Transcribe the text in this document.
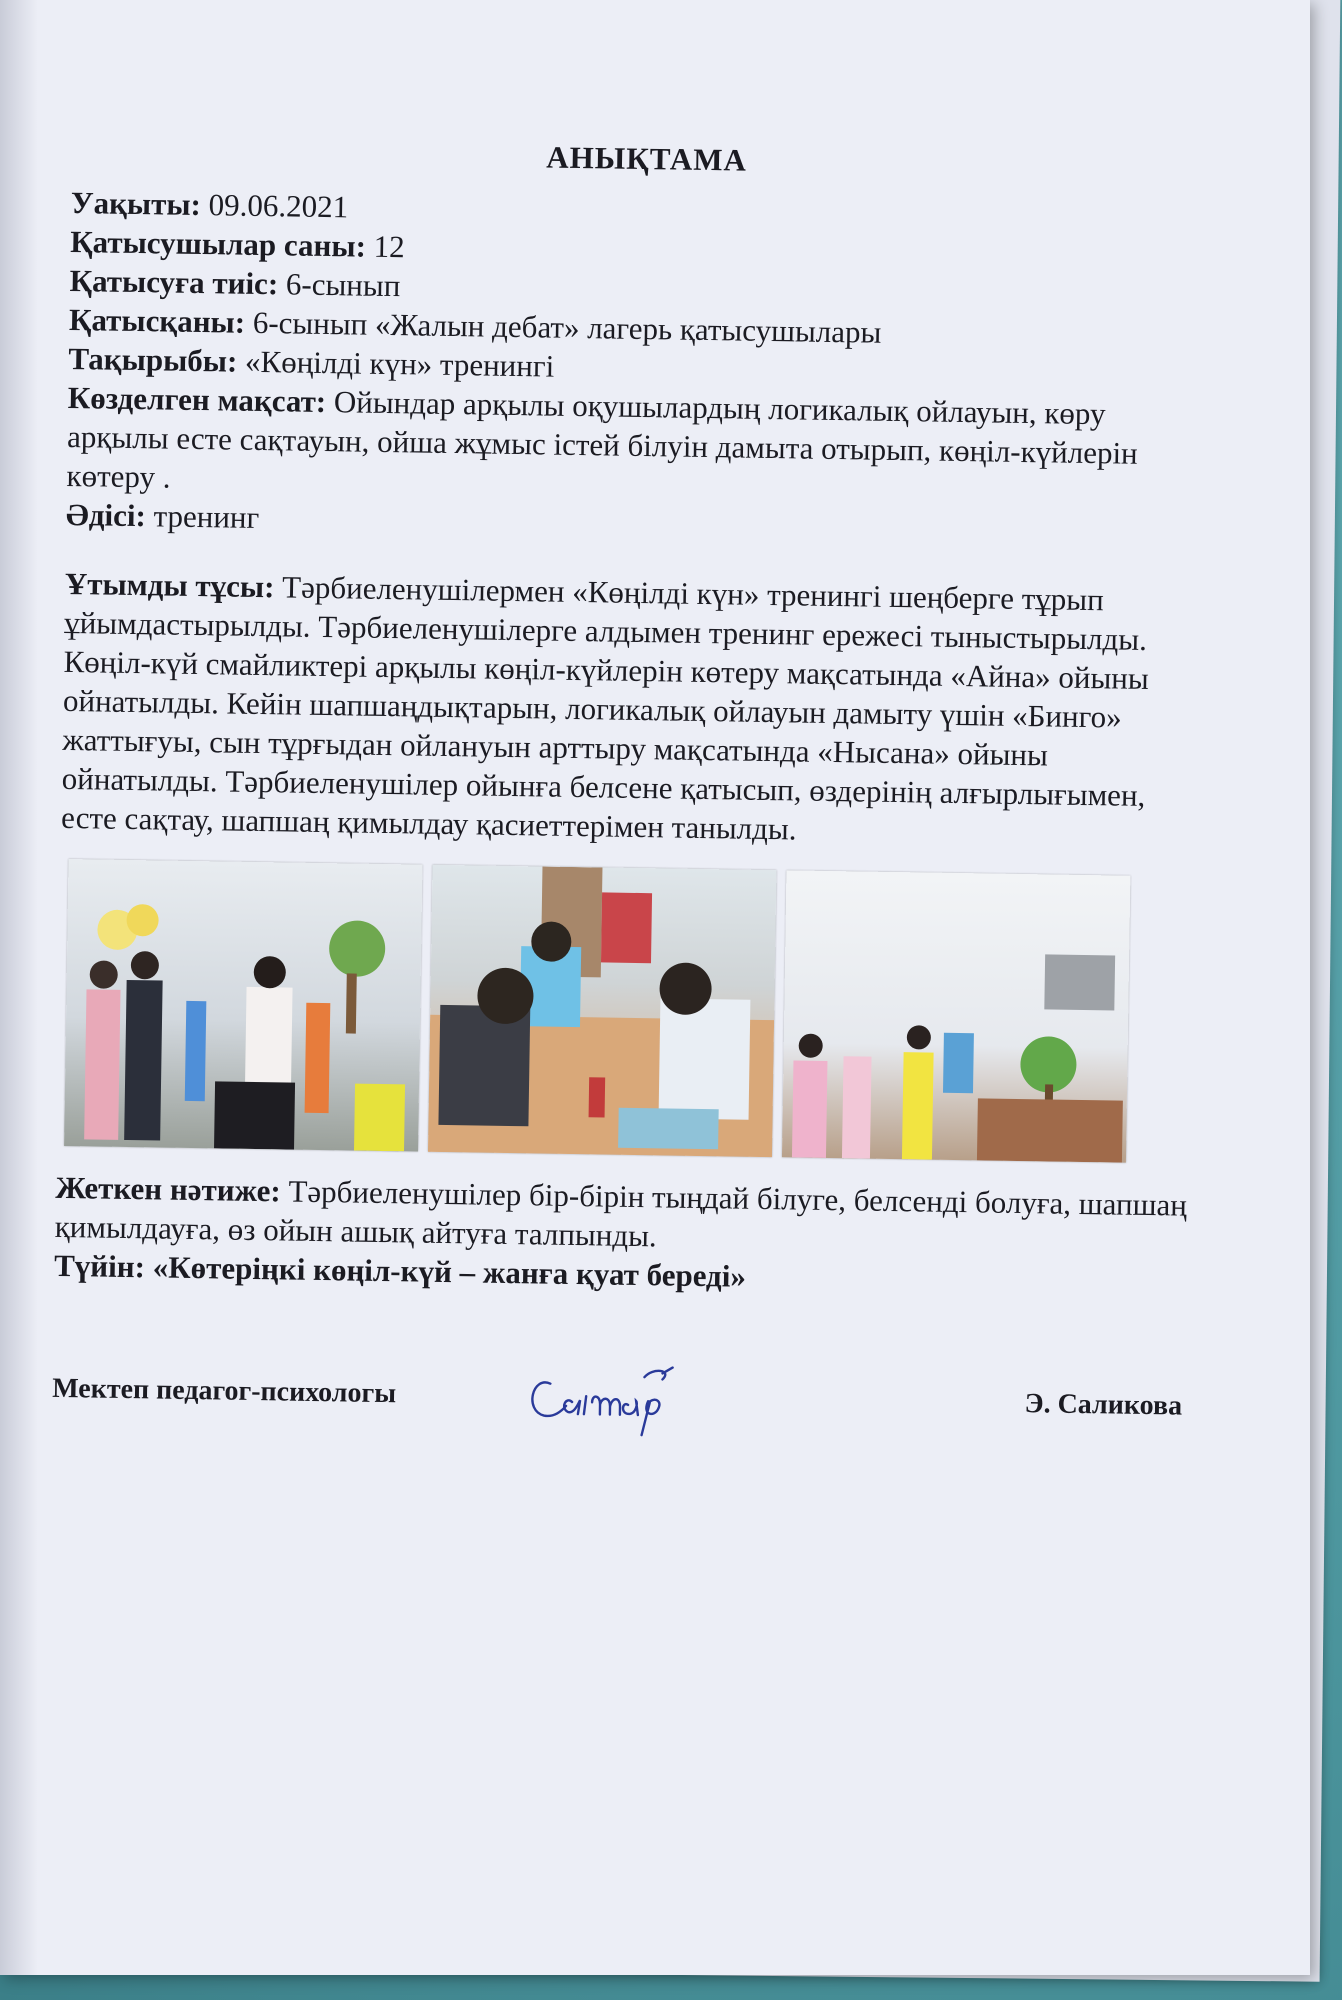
АНЫҚТАМА
Уақыты: 09.06.2021
Қатысушылар саны: 12
Қатысуға тиіс: 6-сынып
Қатысқаны: 6-сынып «Жалын дебат» лагерь қатысушылары
Тақырыбы: «Көңілді күн» тренингі
Көзделген мақсат: Ойындар арқылы оқушылардың логикалық ойлауын, көру арқылы есте сақтауын, ойша жұмыс істей білуін дамыта отырып, көңіл-күйлерін көтеру .
Әдісі: тренинг
Ұтымды тұсы: Тәрбиеленушілермен «Көңілді күн» тренингі шеңберге тұрып ұйымдастырылды. Тәрбиеленушілерге алдымен тренинг ережесі тыныстырылды. Көңіл-күй смайликтері арқылы көңіл-күйлерін көтеру мақсатында «Айна» ойыны ойнатылды. Кейін шапшаңдықтарын, логикалық ойлауын дамыту үшін «Бинго» жаттығуы, сын тұрғыдан ойлануын арттыру мақсатында «Нысана» ойыны ойнатылды. Тәрбиеленушілер ойынға белсене қатысып, өздерінің алғырлығымен, есте сақтау, шапшаң қимылдау қасиеттерімен танылды.
Жеткен нәтиже: Тәрбиеленушілер бір-бірін тыңдай білуге, белсенді болуға, шапшаң қимылдауға, өз ойын ашық айтуға талпынды.
Түйін: «Көтеріңкі көңіл-күй – жанға қуат береді»
Мектеп педагог-психологы	Э. Саликова
